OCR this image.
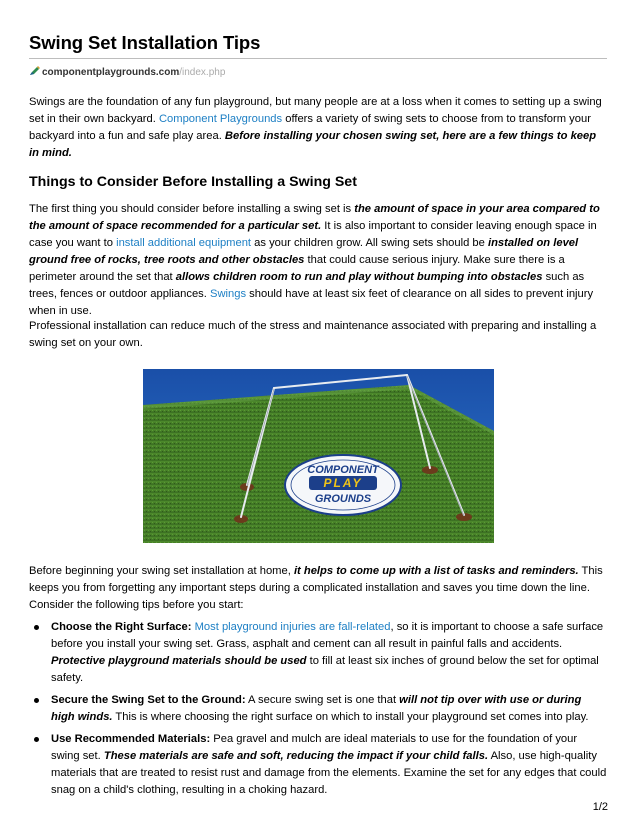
Swing Set Installation Tips
componentplaygrounds.com/index.php

Swings are the foundation of any fun playground, but many people are at a loss when it comes to setting up a swing set in their own backyard. Component Playgrounds offers a variety of swing sets to choose from to transform your backyard into a fun and safe play area. Before installing your chosen swing set, here are a few things to keep in mind.

Things to Consider Before Installing a Swing Set

The first thing you should consider before installing a swing set is the amount of space in your area compared to the amount of space recommended for a particular set. It is also important to consider leaving enough space in case you want to install additional equipment as your children grow. All swing sets should be installed on level ground free of rocks, tree roots and other obstacles that could cause serious injury. Make sure there is a perimeter around the set that allows children room to run and play without bumping into obstacles such as trees, fences or outdoor appliances. Swings should have at least six feet of clearance on all sides to prevent injury when in use.

Professional installation can reduce much of the stress and maintenance associated with preparing and installing a swing set on your own.

COMPONENT
PLAY
GROUNDS

Before beginning your swing set installation at home, it helps to come up with a list of tasks and reminders. This keeps you from forgetting any important steps during a complicated installation and saves you time down the line. Consider the following tips before you start:

Choose the Right Surface: Most playground injuries are fall-related, so it is important to choose a safe surface before you install your swing set. Grass, asphalt and cement can all result in painful falls and accidents. Protective playground materials should be used to fill at least six inches of ground below the set for optimal safety.
Secure the Swing Set to the Ground: A secure swing set is one that will not tip over with use or during high winds. This is where choosing the right surface on which to install your playground set comes into play.
Use Recommended Materials: Pea gravel and mulch are ideal materials to use for the foundation of your swing set. These materials are safe and soft, reducing the impact if your child falls. Also, use high-quality materials that are treated to resist rust and damage from the elements. Examine the set for any edges that could snag on a child's clothing, resulting in a choking hazard.
1/2
